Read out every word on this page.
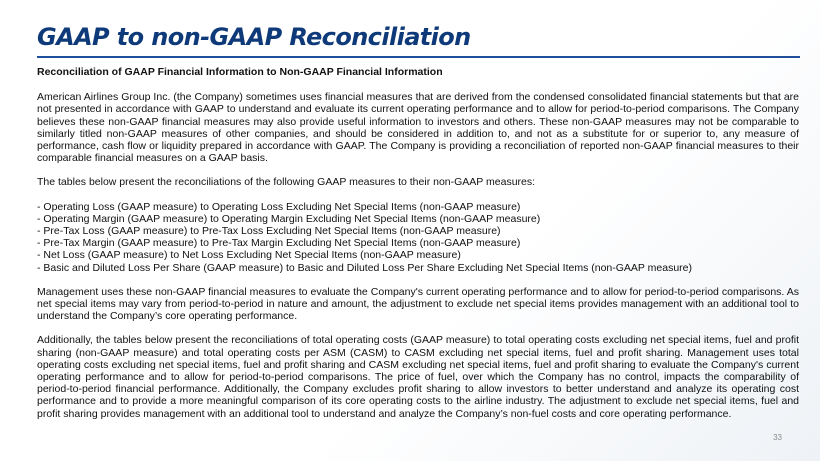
GAAP to non-GAAP Reconciliation
Reconciliation of GAAP Financial Information to Non-GAAP Financial Information

American Airlines Group Inc. (the Company) sometimes uses financial measures that are derived from the condensed consolidated financial statements but that are not presented in accordance with GAAP to understand and evaluate its current operating performance and to allow for period-to-period comparisons. The Company believes these non-GAAP financial measures may also provide useful information to investors and others. These non-GAAP measures may not be comparable to similarly titled non-GAAP measures of other companies, and should be considered in addition to, and not as a substitute for or superior to, any measure of performance, cash flow or liquidity prepared in accordance with GAAP. The Company is providing a reconciliation of reported non-GAAP financial measures to their comparable financial measures on a GAAP basis.

The tables below present the reconciliations of the following GAAP measures to their non-GAAP measures:

- Operating Loss (GAAP measure) to Operating Loss Excluding Net Special Items (non-GAAP measure)
- Operating Margin (GAAP measure) to Operating Margin Excluding Net Special Items (non-GAAP measure)
- Pre-Tax Loss (GAAP measure) to Pre-Tax Loss Excluding Net Special Items (non-GAAP measure)
- Pre-Tax Margin (GAAP measure) to Pre-Tax Margin Excluding Net Special Items (non-GAAP measure)
- Net Loss (GAAP measure) to Net Loss Excluding Net Special Items (non-GAAP measure)
- Basic and Diluted Loss Per Share (GAAP measure) to Basic and Diluted Loss Per Share Excluding Net Special Items (non-GAAP measure)

Management uses these non-GAAP financial measures to evaluate the Company's current operating performance and to allow for period-to-period comparisons. As net special items may vary from period-to-period in nature and amount, the adjustment to exclude net special items provides management with an additional tool to understand the Company’s core operating performance.

Additionally, the tables below present the reconciliations of total operating costs (GAAP measure) to total operating costs excluding net special items, fuel and profit sharing (non-GAAP measure) and total operating costs per ASM (CASM) to CASM excluding net special items, fuel and profit sharing. Management uses total operating costs excluding net special items, fuel and profit sharing and CASM excluding net special items, fuel and profit sharing to evaluate the Company's current operating performance and to allow for period-to-period comparisons. The price of fuel, over which the Company has no control, impacts the comparability of period-to-period financial performance. Additionally, the Company excludes profit sharing to allow investors to better understand and analyze its operating cost performance and to provide a more meaningful comparison of its core operating costs to the airline industry. The adjustment to exclude net special items, fuel and profit sharing provides management with an additional tool to understand and analyze the Company’s non-fuel costs and core operating performance.

33
